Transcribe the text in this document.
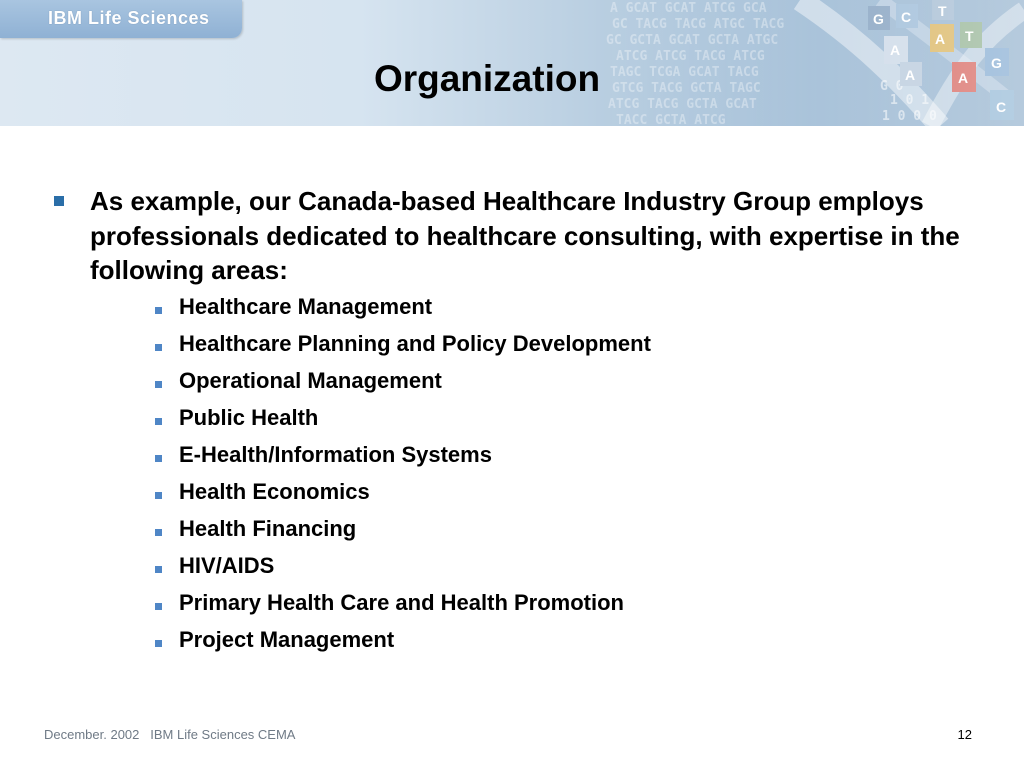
IBM Life Sciences
Organization
As example, our Canada-based Healthcare Industry Group employs professionals dedicated to healthcare consulting, with expertise in the following areas:
Healthcare Management
Healthcare Planning and Policy Development
Operational Management
Public Health
E-Health/Information Systems
Health Economics
Health Financing
HIV/AIDS
Primary Health Care and Health Promotion
Project Management
December. 2002 IBM Life Sciences CEMA	12
